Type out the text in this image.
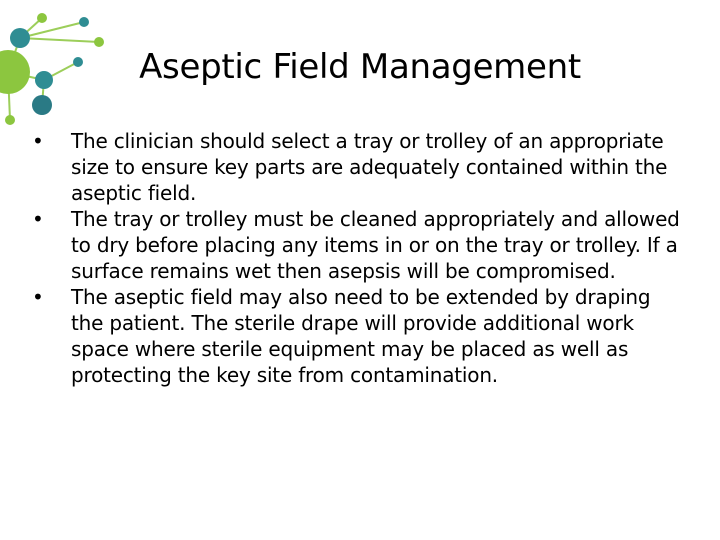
Aseptic Field Management
• The clinician should select a tray or trolley of an appropriate size to ensure key parts are adequately contained within the aseptic field.
• The tray or trolley must be cleaned appropriately and allowed to dry before placing any items in or on the tray or trolley. If a surface remains wet then asepsis will be compromised.
• The aseptic field may also need to be extended by draping the patient. The sterile drape will provide additional work space where sterile equipment may be placed as well as protecting the key site from contamination.
